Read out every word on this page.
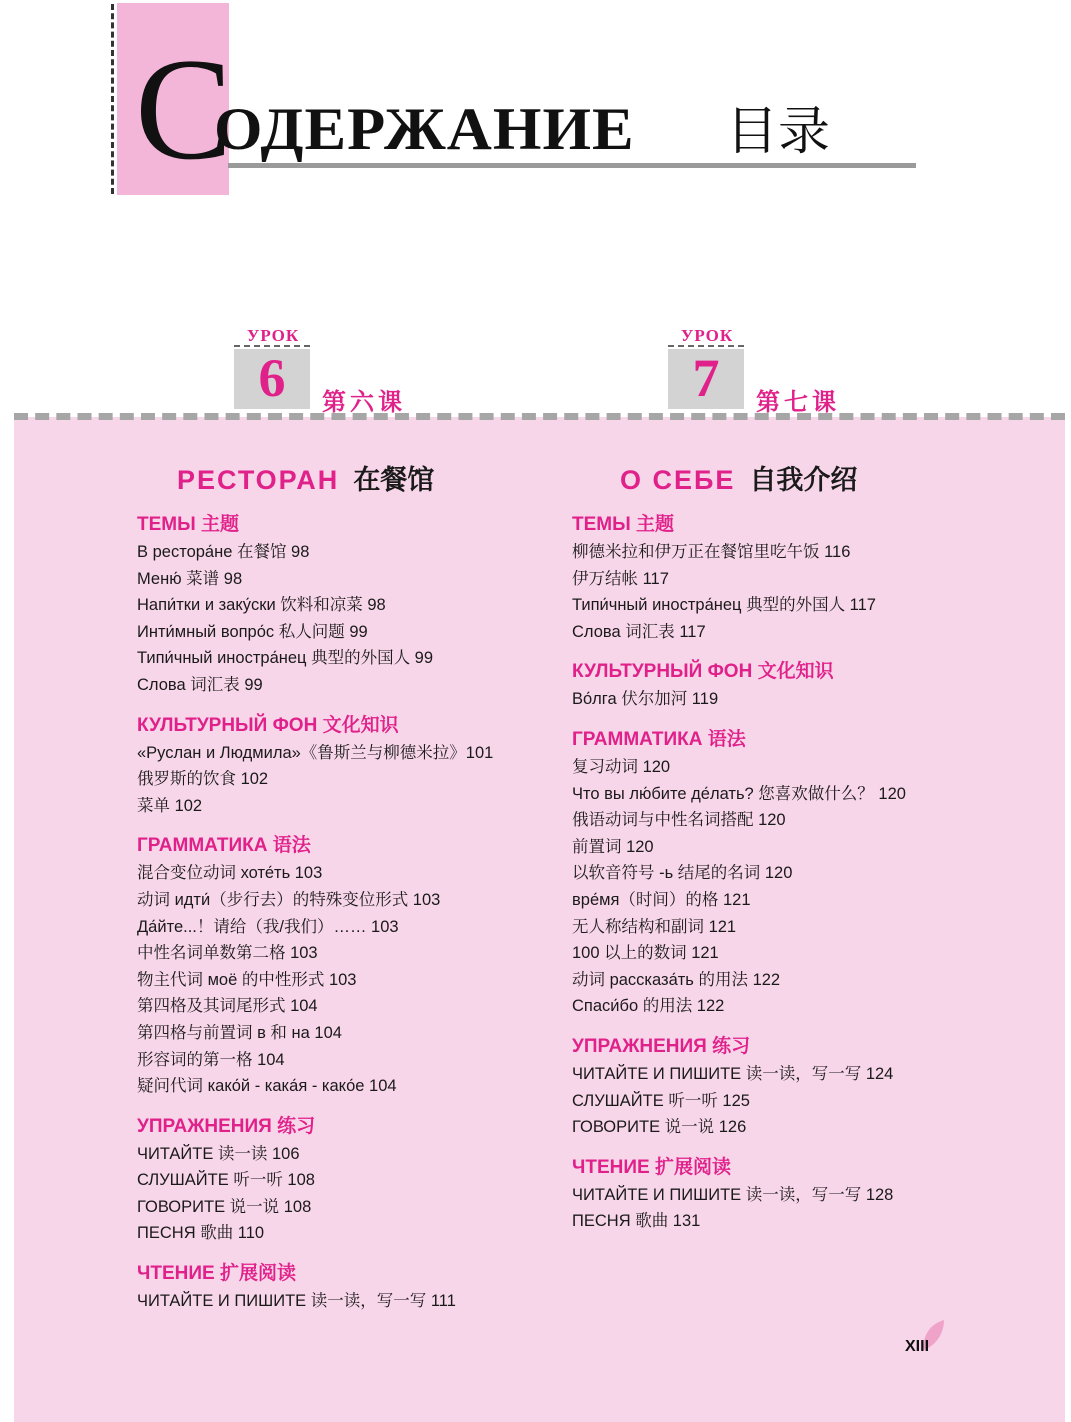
С
ОДЕРЖАНИЕ 目录
УРОК
6	第六课
УРОК
7	第七课
РЕСТОРАН 在餐馆
ТЕМЫ 主题
В рестора́не 在餐馆 98
Меню́ 菜谱 98
Напи́тки и заку́ски 饮料和凉菜 98
Инти́мный вопро́с 私人问题 99
Типи́чный иностра́нец 典型的外国人 99
Слова 词汇表 99
КУЛЬТУРНЫЙ ФОН 文化知识
«Руслан и Людмила»《鲁斯兰与柳德米拉》101
俄罗斯的饮食 102
菜单 102
ГРАММАТИКА 语法
混合变位动词 хоте́ть 103
动词 идти́（步行去）的特殊变位形式 103
Да́йте...！请给（我/我们）…… 103
中性名词单数第二格 103
物主代词 моё 的中性形式 103
第四格及其词尾形式 104
第四格与前置词 в 和 на 104
形容词的第一格 104
疑问代词 како́й - кака́я - како́е 104
УПРАЖНЕНИЯ 练习
ЧИТАЙТЕ 读一读 106
СЛУШАЙТЕ 听一听 108
ГОВОРИТЕ 说一说 108
ПЕСНЯ 歌曲 110
ЧТЕНИЕ 扩展阅读
ЧИТАЙТЕ И ПИШИТЕ 读一读，写一写 111
О СЕБЕ 自我介绍
ТЕМЫ 主题
柳德米拉和伊万正在餐馆里吃午饭 116
伊万结帐 117
Типи́чный иностра́нец 典型的外国人 117
Слова 词汇表 117
КУЛЬТУРНЫЙ ФОН 文化知识
Во́лга 伏尔加河 119
ГРАММАТИКА 语法
复习动词 120
Что вы лю́бите де́лать? 您喜欢做什么？ 120
俄语动词与中性名词搭配 120
前置词 120
以软音符号 -ь 结尾的名词 120
вре́мя（时间）的格 121
无人称结构和副词 121
100 以上的数词 121
动词 рассказа́ть 的用法 122
Спаси́бо 的用法 122
УПРАЖНЕНИЯ 练习
ЧИТАЙТЕ И ПИШИТЕ 读一读，写一写 124
СЛУШАЙТЕ 听一听 125
ГОВОРИТЕ 说一说 126
ЧТЕНИЕ 扩展阅读
ЧИТАЙТЕ И ПИШИТЕ 读一读，写一写 128
ПЕСНЯ 歌曲 131
XIII
